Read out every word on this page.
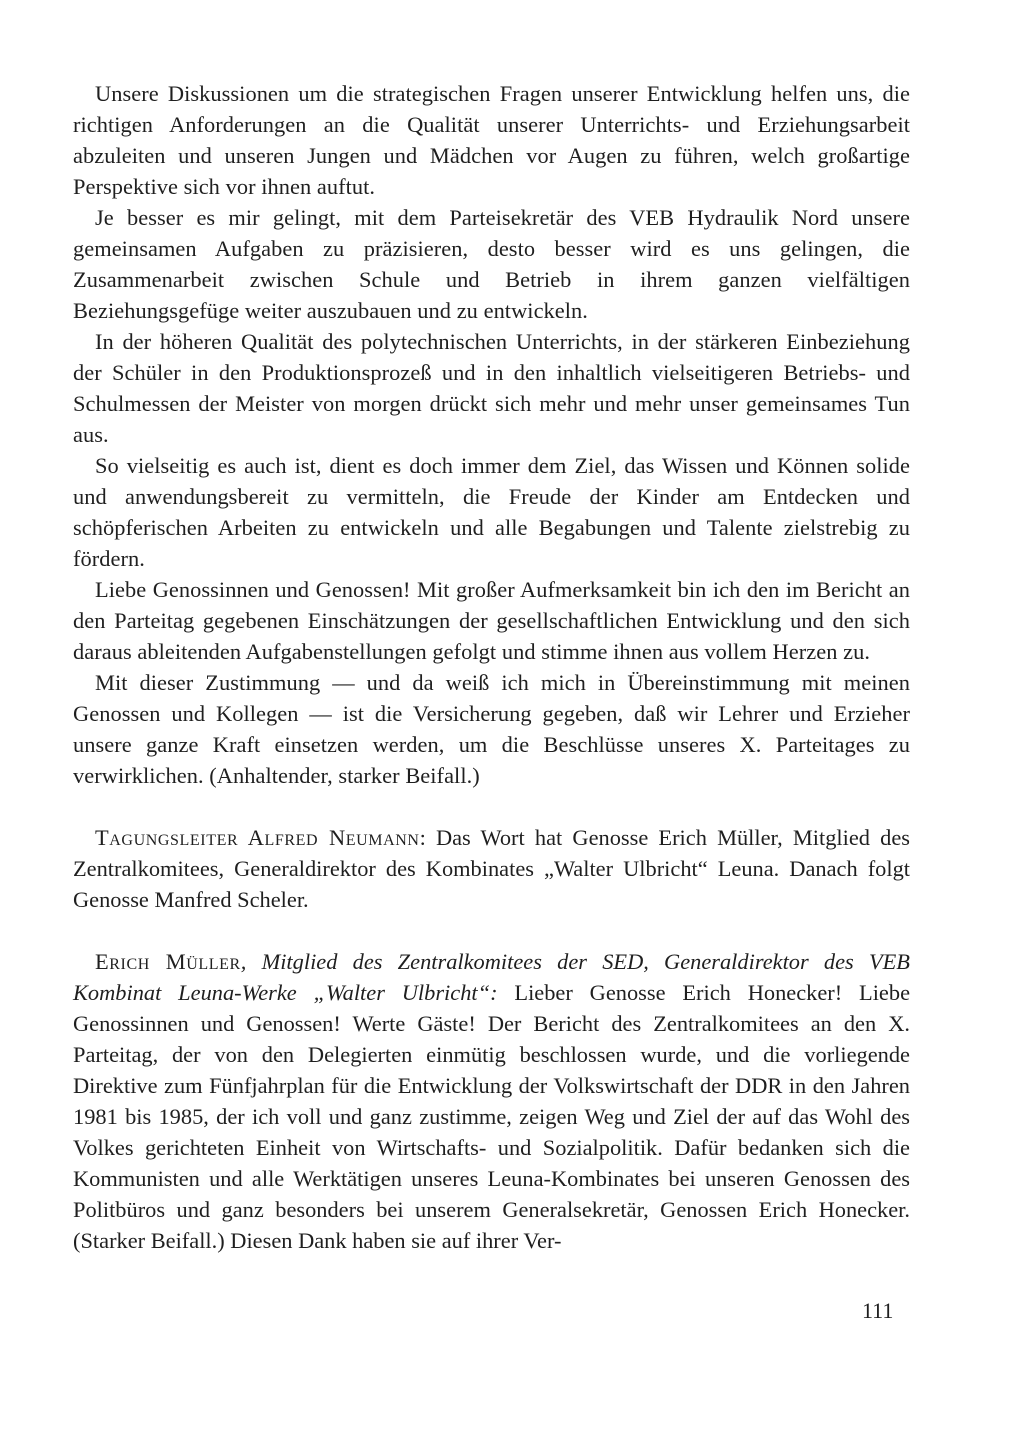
Unsere Diskussionen um die strategischen Fragen unserer Entwicklung helfen uns, die richtigen Anforderungen an die Qualität unserer Unterrichts- und Erziehungsarbeit abzuleiten und unseren Jungen und Mädchen vor Augen zu führen, welch großartige Perspektive sich vor ihnen auftut.

Je besser es mir gelingt, mit dem Parteisekretär des VEB Hydraulik Nord unsere gemeinsamen Aufgaben zu präzisieren, desto besser wird es uns gelingen, die Zusammenarbeit zwischen Schule und Betrieb in ihrem ganzen vielfältigen Beziehungsgefüge weiter auszubauen und zu entwickeln.

In der höheren Qualität des polytechnischen Unterrichts, in der stärkeren Einbeziehung der Schüler in den Produktionsprozeß und in den inhaltlich vielseitigeren Betriebs- und Schulmessen der Meister von morgen drückt sich mehr und mehr unser gemeinsames Tun aus.

So vielseitig es auch ist, dient es doch immer dem Ziel, das Wissen und Können solide und anwendungsbereit zu vermitteln, die Freude der Kinder am Entdecken und schöpferischen Arbeiten zu entwickeln und alle Begabungen und Talente zielstrebig zu fördern.

Liebe Genossinnen und Genossen! Mit großer Aufmerksamkeit bin ich den im Bericht an den Parteitag gegebenen Einschätzungen der gesellschaftlichen Entwicklung und den sich daraus ableitenden Aufgabenstellungen gefolgt und stimme ihnen aus vollem Herzen zu.

Mit dieser Zustimmung — und da weiß ich mich in Übereinstimmung mit meinen Genossen und Kollegen — ist die Versicherung gegeben, daß wir Lehrer und Erzieher unsere ganze Kraft einsetzen werden, um die Beschlüsse unseres X. Parteitages zu verwirklichen. (Anhaltender, starker Beifall.)

Tagungsleiter Alfred Neumann: Das Wort hat Genosse Erich Müller, Mitglied des Zentralkomitees, Generaldirektor des Kombinates „Walter Ulbricht“ Leuna. Danach folgt Genosse Manfred Scheler.

Erich Müller, Mitglied des Zentralkomitees der SED, Generaldirektor des VEB Kombinat Leuna-Werke „Walter Ulbricht“: Lieber Genosse Erich Honecker! Liebe Genossinnen und Genossen! Werte Gäste! Der Bericht des Zentralkomitees an den X. Parteitag, der von den Delegierten einmütig beschlossen wurde, und die vorliegende Direktive zum Fünfjahrplan für die Entwicklung der Volkswirtschaft der DDR in den Jahren 1981 bis 1985, der ich voll und ganz zustimme, zeigen Weg und Ziel der auf das Wohl des Volkes gerichteten Einheit von Wirtschafts- und Sozialpolitik. Dafür bedanken sich die Kommunisten und alle Werktätigen unseres Leuna-Kombinates bei unseren Genossen des Politbüros und ganz besonders bei unserem Generalsekretär, Genossen Erich Honecker. (Starker Beifall.) Diesen Dank haben sie auf ihrer Ver-

111
